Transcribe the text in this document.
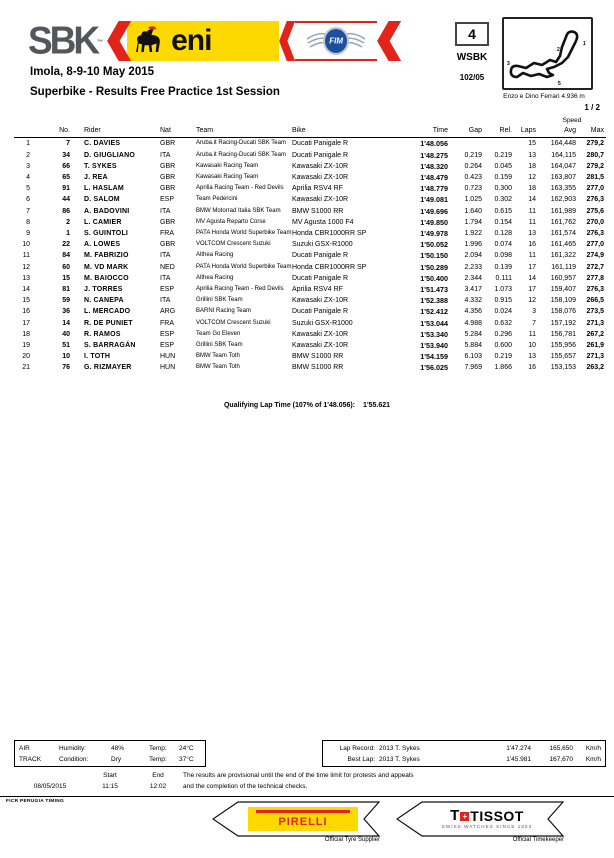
SBK™ eni	FIM	4
WSBK
102/05
1
2
3
5
Enzo e Dino Ferrari 4.936 m
1 / 2
Imola, 8-9-10 May 2015
Superbike - Results Free Practice 1st Session
										Speed	
	No.	Rider	Nat	Team	Bike	Time	Gap	Rel.	Laps	Avg	Max
1	7	C. DAVIES	GBR	Aruba.it Racing-Ducati SBK Team	Ducati Panigale R	1'48.056			15	164,448	279,2
2	34	D. GIUGLIANO	ITA	Aruba.it Racing-Ducati SBK Team	Ducati Panigale R	1'48.275	0.219	0.219	13	164,115	280,7
3	66	T. SYKES	GBR	Kawasaki Racing Team	Kawasaki ZX-10R	1'48.320	0.264	0.045	18	164,047	279,2
4	65	J. REA	GBR	Kawasaki Racing Team	Kawasaki ZX-10R	1'48.479	0.423	0.159	12	163,807	281,5
5	91	L. HASLAM	GBR	Aprilia Racing Team - Red Devils	Aprilia RSV4 RF	1'48.779	0.723	0.300	18	163,355	277,0
6	44	D. SALOM	ESP	Team Pedercini	Kawasaki ZX-10R	1'49.081	1.025	0.302	14	162,903	276,3
7	86	A. BADOVINI	ITA	BMW Motorrad Italia SBK Team	BMW S1000 RR	1'49.696	1.640	0.615	11	161,989	275,6
8	2	L. CAMIER	GBR	MV Agusta Reparto Corse	MV Agusta 1000 F4	1'49.850	1.794	0.154	11	161,762	270,0
9	1	S. GUINTOLI	FRA	PATA Honda World Superbike Team	Honda CBR1000RR SP	1'49.978	1.922	0.128	13	161,574	276,3
10	22	A. LOWES	GBR	VOLTCOM Crescent Suzuki	Suzuki GSX-R1000	1'50.052	1.996	0.074	16	161,465	277,0
11	84	M. FABRIZIO	ITA	Althea Racing	Ducati Panigale R	1'50.150	2.094	0.098	11	161,322	274,9
12	60	M. VD MARK	NED	PATA Honda World Superbike Team	Honda CBR1000RR SP	1'50.289	2.233	0.139	17	161,119	272,7
13	15	M. BAIOCCO	ITA	Althea Racing	Ducati Panigale R	1'50.400	2.344	0.111	14	160,957	277,8
14	81	J. TORRES	ESP	Aprilia Racing Team - Red Devils	Aprilia RSV4 RF	1'51.473	3.417	1.073	17	159,407	276,3
15	59	N. CANEPA	ITA	Grillini SBK Team	Kawasaki ZX-10R	1'52.388	4.332	0.915	12	158,109	266,5
16	36	L. MERCADO	ARG	BARNI Racing Team	Ducati Panigale R	1'52.412	4.356	0.024	3	158,076	273,5
17	14	R. DE PUNIET	FRA	VOLTCOM Crescent Suzuki	Suzuki GSX-R1000	1'53.044	4.988	0.632	7	157,192	271,3
18	40	R. RAMOS	ESP	Team Go Eleven	Kawasaki ZX-10R	1'53.340	5.284	0.296	11	156,781	267,2
19	51	S. BARRAGÁN	ESP	Grillini SBK Team	Kawasaki ZX-10R	1'53.940	5.884	0.600	10	155,956	261,9
20	10	I. TOTH	HUN	BMW Team Toth	BMW S1000 RR	1'54.159	6.103	0.219	13	155,657	271,3
21	76	G. RIZMAYER	HUN	BMW Team Toth	BMW S1000 RR	1'56.025	7.969	1.866	16	153,153	263,2
Qualifying Lap Time (107% of 1'48.056): 1'55.621
AIR	Humidity:	48%	Temp:	24°C
TRACK	Condition:	Dry	Temp:	37°C
Lap Record: 2013 T. Sykes	1'47.274	165,650	Km/h
Best Lap: 2013 T. Sykes	1'45.981	167,670	Km/h
Start	End
08/05/2015	11:15	12:02
The results are provisional until the end of the time limit for protests and appeals
and the completion of the technical checks.
FICR PERUGIA TIMING
PIRELLI
Official Tyre Supplier
T + TISSOT
SWISS WATCHES SINCE 1853
Official Timekeeper
